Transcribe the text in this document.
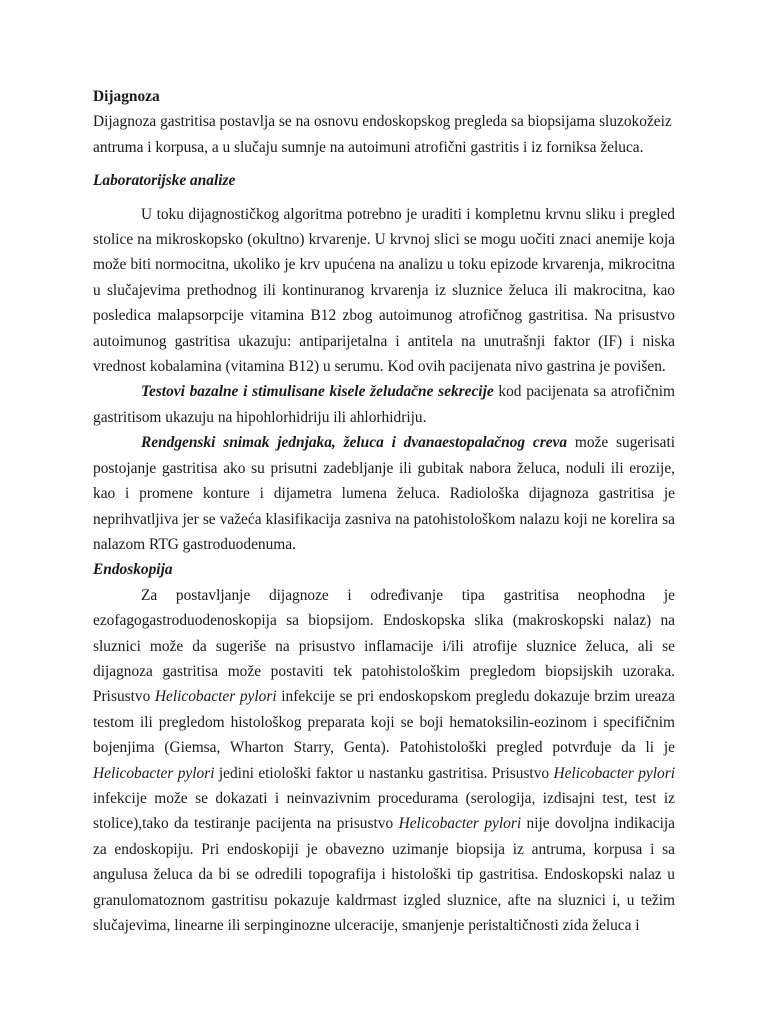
Dijagnoza

Dijagnoza gastritisa postavlja se na osnovu endoskopskog pregleda sa biopsijama sluzokožeiz antruma i korpusa, a u slučaju sumnje na autoimuni atrofični gastritis i iz forniksa želuca.

Laboratorijske analize

U toku dijagnostičkog algoritma potrebno je uraditi i kompletnu krvnu sliku i pregled stolice na mikroskopsko (okultno) krvarenje. U krvnoj slici se mogu uočiti znaci anemije koja može biti normocitna, ukoliko je krv upućena na analizu u toku epizode krvarenja, mikrocitna u slučajevima prethodnog ili kontinuranog krvarenja iz sluznice želuca ili makrocitna, kao posledica malapsorpcije vitamina B12 zbog autoimunog atrofičnog gastritisa. Na prisustvo autoimunog gastritisa ukazuju: antiparijetalna i antitela na unutrašnji faktor (IF) i niska vrednost kobalamina (vitamina B12) u serumu. Kod ovih pacijenata nivo gastrina je povišen.

Testovi bazalne i stimulisane kisele želudačne sekrecije kod pacijenata sa atrofičnim gastritisom ukazuju na hipohlorhidriju ili ahlorhidriju.

Rendgenski snimak jednjaka, želuca i dvanaestopalačnog creva može sugerisati postojanje gastritisa ako su prisutni zadebljanje ili gubitak nabora želuca, noduli ili erozije, kao i promene konture i dijametra lumena želuca. Radiološka dijagnoza gastritisa je neprihvatljiva jer se važeća klasifikacija zasniva na patohistološkom nalazu koji ne korelira sa nalazom RTG gastroduodenuma.

Endoskopija

Za postavljanje dijagnoze i određivanje tipa gastritisa neophodna je ezofagogastroduodenoskopija sa biopsijom. Endoskopska slika (makroskopski nalaz) na sluznici može da sugeriše na prisustvo inflamacije i/ili atrofije sluznice želuca, ali se dijagnoza gastritisa može postaviti tek patohistološkim pregledom biopsijskih uzoraka. Prisustvo Helicobacter pylori infekcije se pri endoskopskom pregledu dokazuje brzim ureaza testom ili pregledom histološkog preparata koji se boji hematoksilin-eozinom i specifičnim bojenjima (Giemsa, Wharton Starry, Genta). Patohistološki pregled potvrđuje da li je Helicobacter pylori jedini etiološki faktor u nastanku gastritisa. Prisustvo Helicobacter pylori infekcije može se dokazati i neinvazivnim procedurama (serologija, izdisajni test, test iz stolice),tako da testiranje pacijenta na prisustvo Helicobacter pylori nije dovoljna indikacija za endoskopiju. Pri endoskopiji je obavezno uzimanje biopsija iz antruma, korpusa i sa angulusa želuca da bi se odredili topografija i histološki tip gastritisa. Endoskopski nalaz u granulomatoznom gastritisu pokazuje kaldrmast izgled sluznice, afte na sluznici i, u težim slučajevima, linearne ili serpinginozne ulceracije, smanjenje peristaltičnosti zida želuca i
